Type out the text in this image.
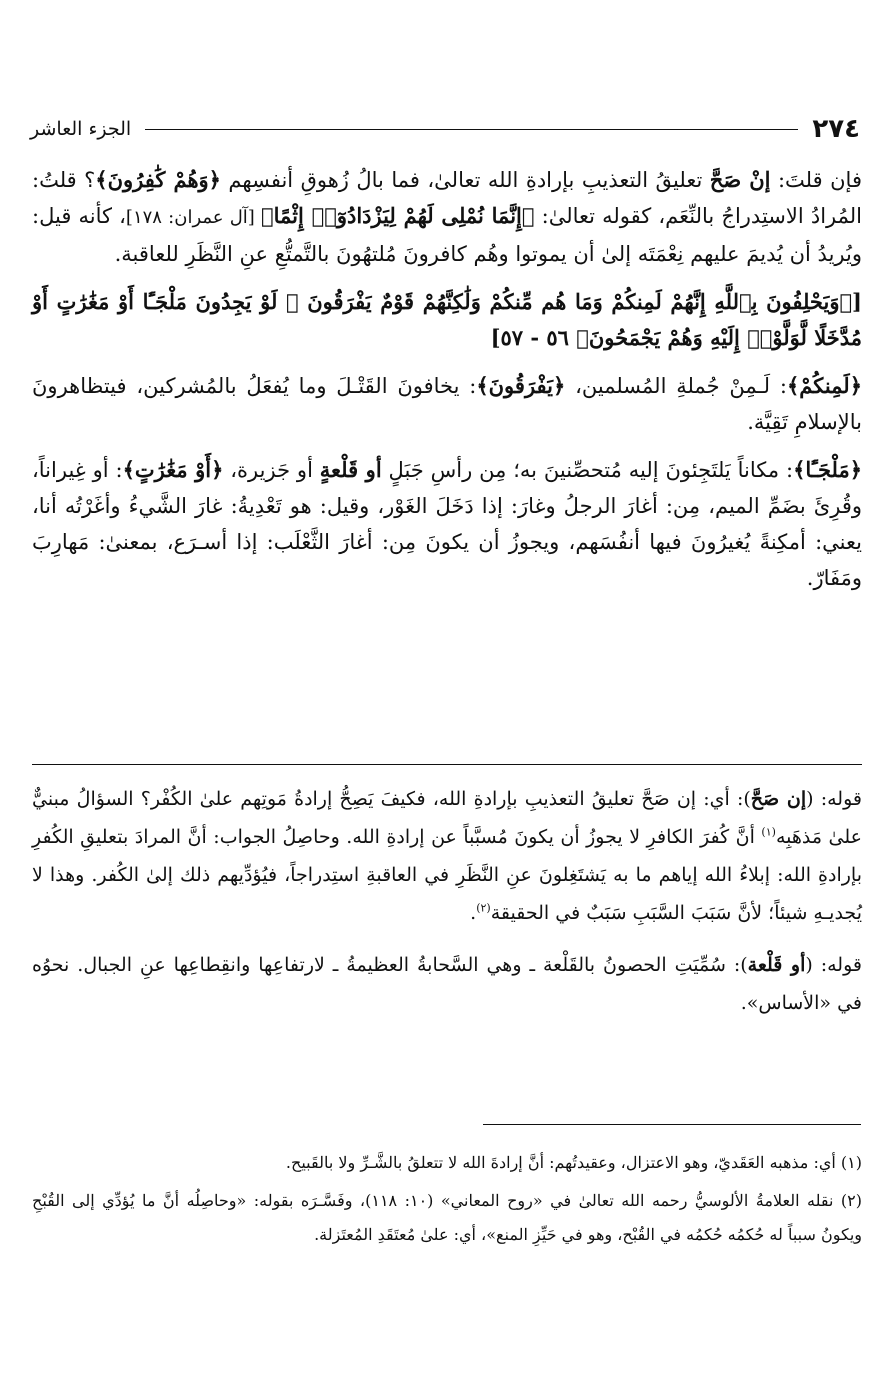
٢٧٤
الجزء العاشر

فإن قلتَ: إنْ صَحَّ تعليقُ التعذيبِ بإرادةِ الله تعالىٰ، فما بالُ زُهوقِ أنفسِهم ﴿وَهُمْ كَٰفِرُونَ﴾؟ قلتُ: المُرادُ الاستِدراجُ بالنِّعَم، كقوله تعالىٰ: ﴿إِنَّمَا نُمْلِى لَهُمْ لِيَزْدَادُوٓا۟ إِثْمًا﴾ [آل عمران: ١٧٨]، كأنه قيل: ويُريدُ أن يُديمَ عليهم نِعْمَتَه إلىٰ أن يموتوا وهُم كافرونَ مُلتهُونَ بالتَّمتُّعِ عنِ النَّظَرِ للعاقبة.

[﴿وَيَحْلِفُونَ بِٱللَّهِ إِنَّهُمْ لَمِنكُمْ وَمَا هُم مِّنكُمْ وَلَٰكِنَّهُمْ قَوْمٌ يَفْرَقُونَ ۞ لَوْ يَجِدُونَ مَلْجَـًٔا أَوْ مَغَٰرَٰتٍ أَوْ مُدَّخَلًا لَّوَلَّوْا۟ إِلَيْهِ وَهُمْ يَجْمَحُونَ﴾ ٥٦ - ٥٧]

﴿لَمِنكُمْ﴾: لَـمِنْ جُملةِ المُسلمين، ﴿يَفْرَقُونَ﴾: يخافونَ القَتْـلَ وما يُفعَلُ بالمُشركين، فيتظاهرونَ بالإسلامِ تَقِيَّة.

﴿مَلْجَـًٔا﴾: مكاناً يَلتَجِئونَ إليه مُتحصِّنينَ به؛ مِن رأسِ جَبَلٍ أو قَلْعةٍ أو جَزيرة، ﴿أَوْ مَغَٰرَٰتٍ﴾: أو غِيراناً، وقُرِئَ بضَمِّ الميم، مِن: أغارَ الرجلُ وغارَ: إذا دَخَلَ الغَوْر، وقيل: هو تَعْدِيةُ: غارَ الشَّيءُ وأغَرْتُه أنا، يعني: أمكِنةً يُغيرُونَ فيها أنفُسَهم، ويجوزُ أن يكونَ مِن: أغارَ الثَّعْلَب: إذا أسـرَع، بمعنىٰ: مَهارِبَ ومَفَارّ.

قوله: (إن صَحَّ): أي: إن صَحَّ تعليقُ التعذيبِ بإرادةِ الله، فكيفَ يَصِحُّ إرادةُ مَوتِهم علىٰ الكُفْر؟ السؤالُ مبنيٌّ علىٰ مَذهَبِه$^{(١)}$ أنَّ كُفرَ الكافرِ لا يجوزُ أن يكونَ مُسبَّباً عن إرادةِ الله. وحاصِلُ الجواب: أنَّ المرادَ بتعليقِ الكُفرِ بإرادةِ الله: إبلاءُ الله إياهم ما به يَشتَغِلونَ عنِ النَّظَرِ في العاقبةِ استِدراجاً، فيُؤدِّيهم ذلك إلىٰ الكُفر. وهذا لا يُجديـهِ شيئاً؛ لأنَّ سَبَبَ السَّبَبِ سَبَبٌ في الحقيقة$^{(٢)}$.

قوله: (أو قَلْعة): سُمِّيَتِ الحصونُ بالقَلْعة ـ وهي السَّحابةُ العظيمةُ ـ لارتفاعِها وانقِطاعِها عنِ الجبال. نحوُه في «الأساس».

(١) أي: مذهبه العَقَديّ، وهو الاعتزال، وعقيدتُهم: أنَّ إرادةَ الله لا تتعلقُ بالشَّـرِّ ولا بالقَبيح.

(٢) نقله العلامةُ الألوسيُّ رحمه الله تعالىٰ في «روح المعاني» (١٠: ١١٨)، وفَسَّـرَه بقوله: «وحاصِلُه أنَّ ما يُؤدِّي إلى القُبْحِ ويكونُ سبباً له حُكمُه حُكمُه في القُبْح، وهو في حَيِّزِ المنع»، أي: علىٰ مُعتَقَدِ المُعتَزلة.
